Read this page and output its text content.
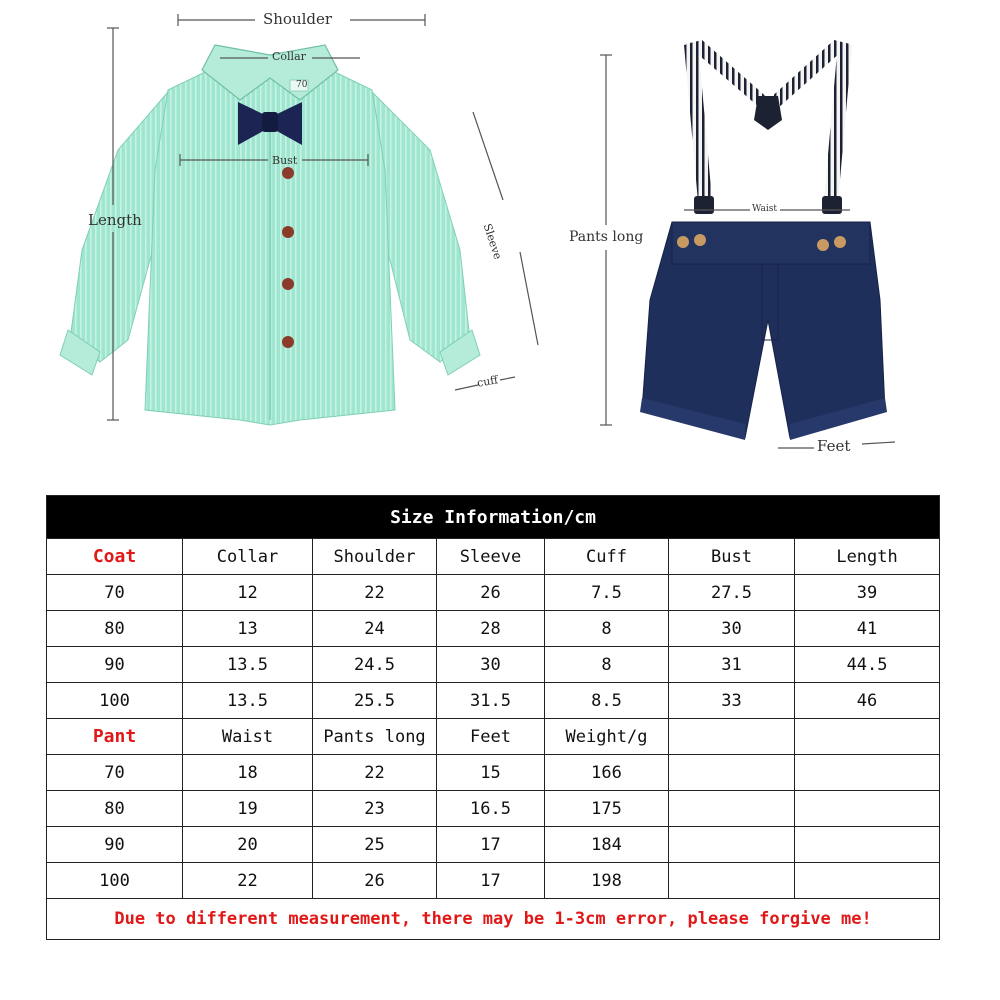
Shoulder
Collar
70
Bust
Length
Sleeve
cuff
Pants long
Waist
Feet
Size Information/cm						
Coat	Collar	Shoulder	Sleeve	Cuff	Bust	Length
70	12	22	26	7.5	27.5	39
80	13	24	28	8	30	41
90	13.5	24.5	30	8	31	44.5
100	13.5	25.5	31.5	8.5	33	46
Pant	Waist	Pants long	Feet	Weight/g		
70	18	22	15	166		
80	19	23	16.5	175		
90	20	25	17	184		
100	22	26	17	198		
Due to different measurement, there may be 1-3cm error, please forgive me!						
